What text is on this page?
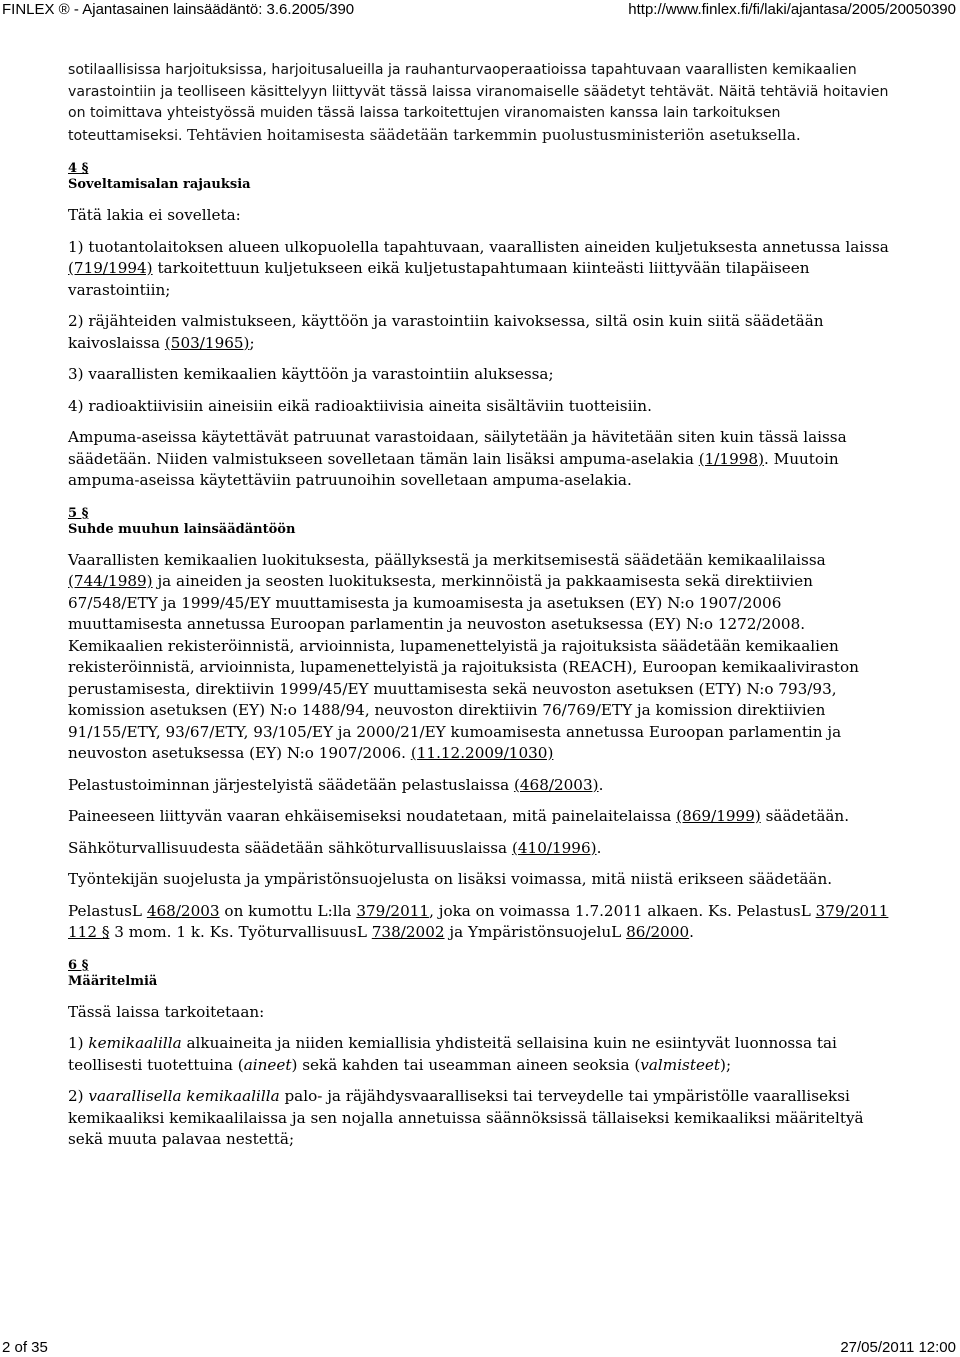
FINLEX ® - Ajantasainen lainsäädäntö: 3.6.2005/390	http://www.finlex.fi/fi/laki/ajantasa/2005/20050390

sotilaallisissa harjoituksissa, harjoitusalueilla ja rauhanturvaoperaatioissa tapahtuvaan vaarallisten kemikaalien varastointiin ja teolliseen käsittelyyn liittyvät tässä laissa viranomaiselle säädetyt tehtävät. Näitä tehtäviä hoitavien on toimittava yhteistyössä muiden tässä laissa tarkoitettujen viranomaisten kanssa lain tarkoituksen toteuttamiseksi. Tehtävien hoitamisesta säädetään tarkemmin puolustusministeriön asetuksella.

4 §
Soveltamisalan rajauksia

Tätä lakia ei sovelleta:

1) tuotantolaitoksen alueen ulkopuolella tapahtuvaan, vaarallisten aineiden kuljetuksesta annetussa laissa (719/1994) tarkoitettuun kuljetukseen eikä kuljetustapahtumaan kiinteästi liittyvään tilapäiseen varastointiin;

2) räjähteiden valmistukseen, käyttöön ja varastointiin kaivoksessa, siltä osin kuin siitä säädetään kaivoslaissa (503/1965);

3) vaarallisten kemikaalien käyttöön ja varastointiin aluksessa;

4) radioaktiivisiin aineisiin eikä radioaktiivisia aineita sisältäviin tuotteisiin.

Ampuma-aseissa käytettävät patruunat varastoidaan, säilytetään ja hävitetään siten kuin tässä laissa säädetään. Niiden valmistukseen sovelletaan tämän lain lisäksi ampuma-aselakia (1/1998). Muutoin ampuma-aseissa käytettäviin patruunoihin sovelletaan ampuma-aselakia.

5 §
Suhde muuhun lainsäädäntöön

Vaarallisten kemikaalien luokituksesta, päällyksestä ja merkitsemisestä säädetään kemikaalilaissa (744/1989) ja aineiden ja seosten luokituksesta, merkinnöistä ja pakkaamisesta sekä direktiivien 67/548/ETY ja 1999/45/EY muuttamisesta ja kumoamisesta ja asetuksen (EY) N:o 1907/2006 muuttamisesta annetussa Euroopan parlamentin ja neuvoston asetuksessa (EY) N:o 1272/2008. Kemikaalien rekisteröinnistä, arvioinnista, lupamenettelyistä ja rajoituksista säädetään kemikaalien rekisteröinnistä, arvioinnista, lupamenettelyistä ja rajoituksista (REACH), Euroopan kemikaaliviraston perustamisesta, direktiivin 1999/45/EY muuttamisesta sekä neuvoston asetuksen (ETY) N:o 793/93, komission asetuksen (EY) N:o 1488/94, neuvoston direktiivin 76/769/ETY ja komission direktiivien 91/155/ETY, 93/67/ETY, 93/105/EY ja 2000/21/EY kumoamisesta annetussa Euroopan parlamentin ja neuvoston asetuksessa (EY) N:o 1907/2006. (11.12.2009/1030)

Pelastustoiminnan järjestelyistä säädetään pelastuslaissa (468/2003).

Paineeseen liittyvän vaaran ehkäisemiseksi noudatetaan, mitä painelaitelaissa (869/1999) säädetään.

Sähköturvallisuudesta säädetään sähköturvallisuuslaissa (410/1996).

Työntekijän suojelusta ja ympäristönsuojelusta on lisäksi voimassa, mitä niistä erikseen säädetään.

PelastusL 468/2003 on kumottu L:lla 379/2011, joka on voimassa 1.7.2011 alkaen. Ks. PelastusL 379/2011 112 § 3 mom. 1 k. Ks. TyöturvallisuusL 738/2002 ja YmpäristönsuojeluL 86/2000.

6 §
Määritelmiä

Tässä laissa tarkoitetaan:

1) kemikaalilla alkuaineita ja niiden kemiallisia yhdisteitä sellaisina kuin ne esiintyvät luonnossa tai teollisesti tuotettuina (aineet) sekä kahden tai useamman aineen seoksia (valmisteet);

2) vaarallisella kemikaalilla palo- ja räjähdysvaaralliseksi tai terveydelle tai ympäristölle vaaralliseksi kemikaaliksi kemikaalilaissa ja sen nojalla annetuissa säännöksissä tällaiseksi kemikaaliksi määriteltyä sekä muuta palavaa nestettä;

2 of 35	27/05/2011 12:00
